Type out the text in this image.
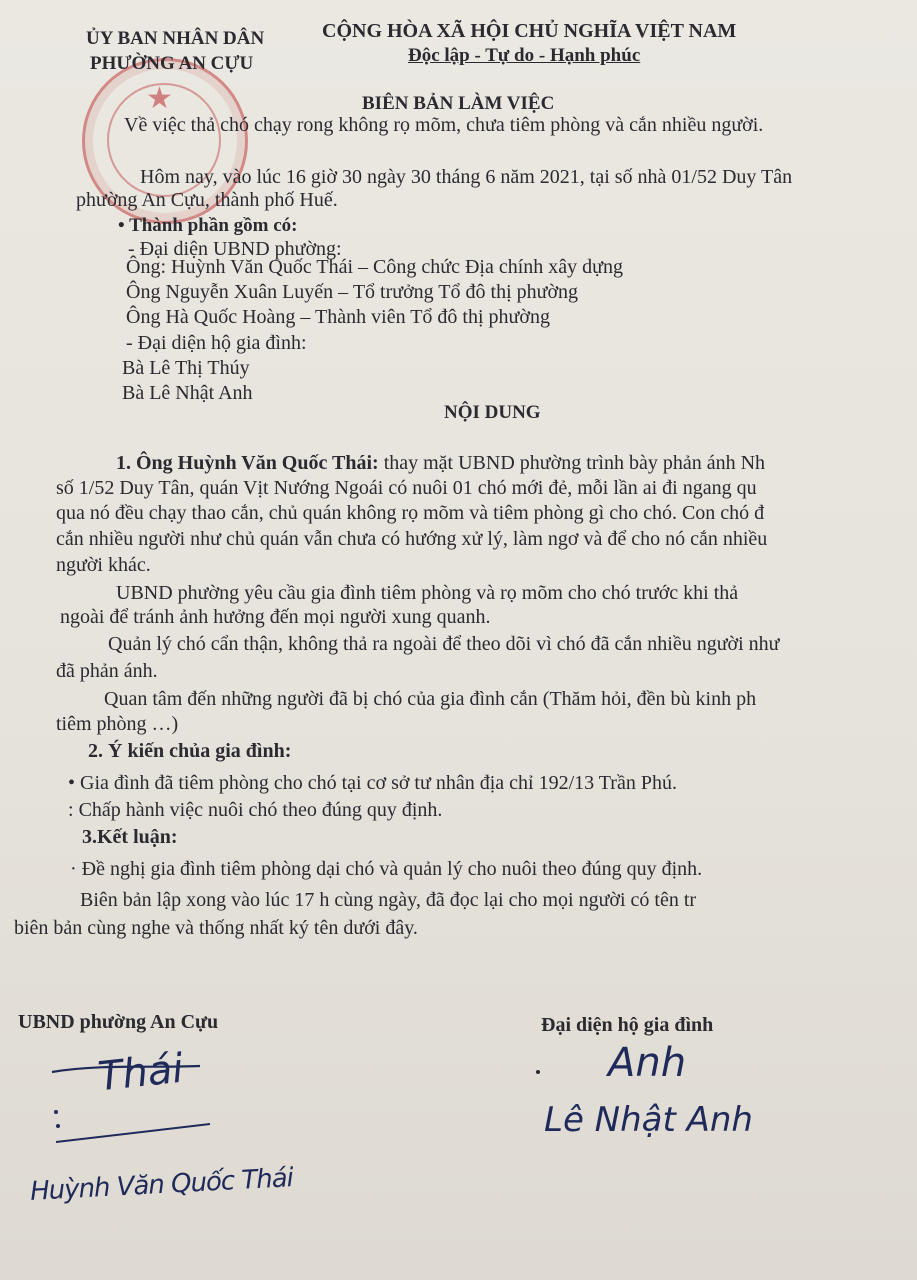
★
ỦY BAN NHÂN DÂN
PHƯỜNG AN CỰU
CỘNG HÒA XÃ HỘI CHỦ NGHĨA VIỆT NAM
Độc lập - Tự do - Hạnh phúc
BIÊN BẢN LÀM VIỆC
Về việc thả chó chạy rong không rọ mõm, chưa tiêm phòng và cắn nhiều người.
Hôm nay, vào lúc 16 giờ 30 ngày 30 tháng 6 năm 2021, tại số nhà 01/52 Duy Tân
phường An Cựu, thành phố Huế.
• Thành phần gồm có:
- Đại diện UBND phường:
Ông: Huỳnh Văn Quốc Thái – Công chức Địa chính xây dựng
Ông Nguyễn Xuân Luyến – Tổ trưởng Tổ đô thị phường
Ông Hà Quốc Hoàng – Thành viên Tổ đô thị phường
- Đại diện hộ gia đình:
Bà Lê Thị Thúy
Bà Lê Nhật Anh
NỘI DUNG
1. Ông Huỳnh Văn Quốc Thái: thay mặt UBND phường trình bày phản ánh Nh
số 1/52 Duy Tân, quán Vịt Nướng Ngoái có nuôi 01 chó mới đẻ, mỗi lần ai đi ngang qu
qua nó đều chạy thao cắn, chủ quán không rọ mõm và tiêm phòng gì cho chó. Con chó đ
cắn nhiều người như chủ quán vẫn chưa có hướng xử lý, làm ngơ và để cho nó cắn nhiều
người khác.
UBND phường yêu cầu gia đình tiêm phòng và rọ mõm cho chó trước khi thả
ngoài để tránh ảnh hưởng đến mọi người xung quanh.
Quản lý chó cẩn thận, không thả ra ngoài để theo dõi vì chó đã cắn nhiều người như
đã phản ánh.
Quan tâm đến những người đã bị chó của gia đình cắn (Thăm hỏi, đền bù kinh ph
tiêm phòng …)
2. Ý kiến chủa gia đình:
• Gia đình đã tiêm phòng cho chó tại cơ sở tư nhân địa chỉ 192/13 Trần Phú.
: Chấp hành việc nuôi chó theo đúng quy định.
3.Kết luận:
· Đề nghị gia đình tiêm phòng dại chó và quản lý cho nuôi theo đúng quy định.
Biên bản lập xong vào lúc 17 h cùng ngày, đã đọc lại cho mọi người có tên tr
biên bản cùng nghe và thống nhất ký tên dưới đây.
UBND phường An Cựu	Đại diện hộ gia đình
Thái
Huỳnh Văn Quốc Thái
Anh
Lê Nhật Anh
